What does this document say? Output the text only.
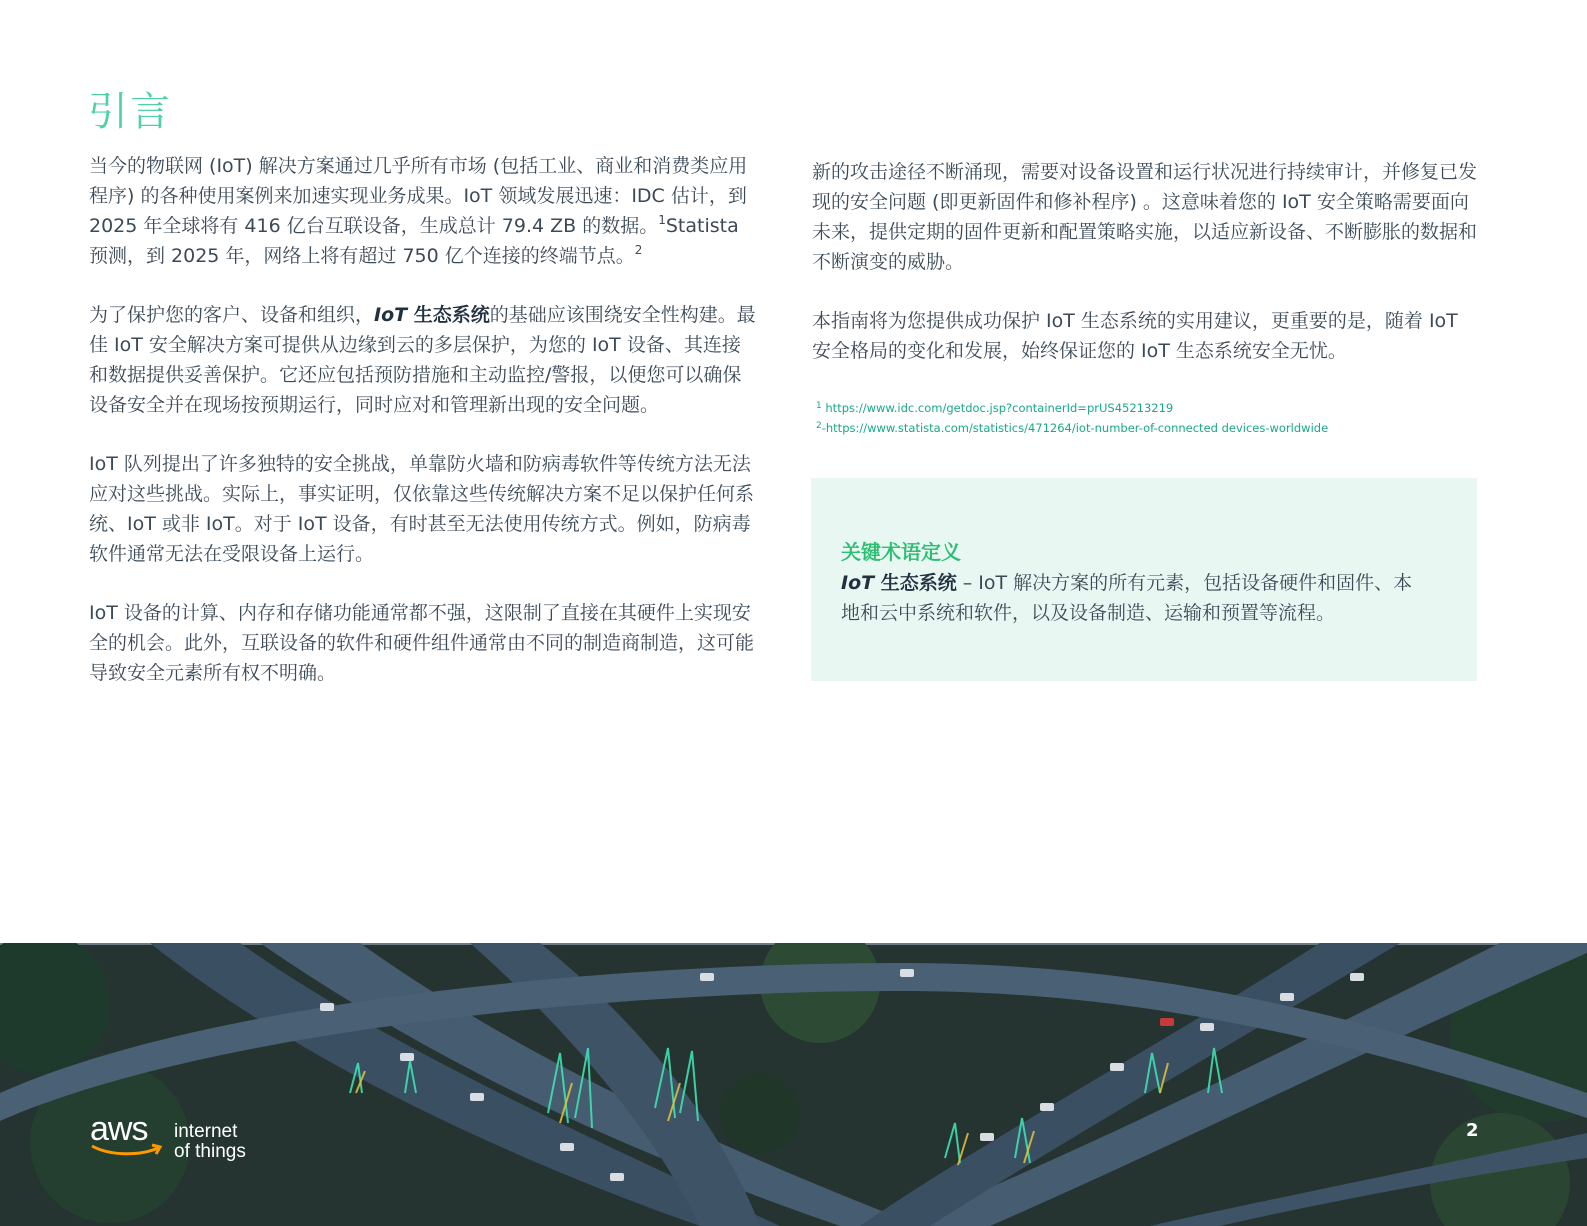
引言

当今的物联网 (IoT) 解决方案通过几乎所有市场 (包括工业、商业和消费类应用程序) 的各种使用案例来加速实现业务成果。IoT 领域发展迅速：IDC 估计，到 2025 年全球将有 416 亿台互联设备，生成总计 79.4 ZB 的数据。$^1$Statista 预测，到 2025 年，网络上将有超过 750 亿个连接的终端节点。$^2$

为了保护您的客户、设备和组织，IoT 生态系统的基础应该围绕安全性构建。最佳 IoT 安全解决方案可提供从边缘到云的多层保护，为您的 IoT 设备、其连接和数据提供妥善保护。它还应包括预防措施和主动监控/警报，以便您可以确保设备安全并在现场按预期运行，同时应对和管理新出现的安全问题。

IoT 队列提出了许多独特的安全挑战，单靠防火墙和防病毒软件等传统方法无法应对这些挑战。实际上，事实证明，仅依靠这些传统解决方案不足以保护任何系统、IoT 或非 IoT。对于 IoT 设备，有时甚至无法使用传统方式。例如，防病毒软件通常无法在受限设备上运行。

IoT 设备的计算、内存和存储功能通常都不强，这限制了直接在其硬件上实现安全的机会。此外，互联设备的软件和硬件组件通常由不同的制造商制造，这可能导致安全元素所有权不明确。

新的攻击途径不断涌现，需要对设备设置和运行状况进行持续审计，并修复已发现的安全问题 (即更新固件和修补程序) 。这意味着您的 IoT 安全策略需要面向未来，提供定期的固件更新和配置策略实施，以适应新设备、不断膨胀的数据和不断演变的威胁。

本指南将为您提供成功保护 IoT 生态系统的实用建议，更重要的是，随着 IoT 安全格局的变化和发展，始终保证您的 IoT 生态系统安全无忧。

$^1$ https://www.idc.com/getdoc.jsp?containerId=prUS45213219
$^2$-https://www.statista.com/statistics/471264/iot-number-of-connected devices-worldwide
关键术语定义
IoT 生态系统 – IoT 解决方案的所有元素，包括设备硬件和固件、本地和云中系统和软件，以及设备制造、运输和预置等流程。
aws internet
of things
2
